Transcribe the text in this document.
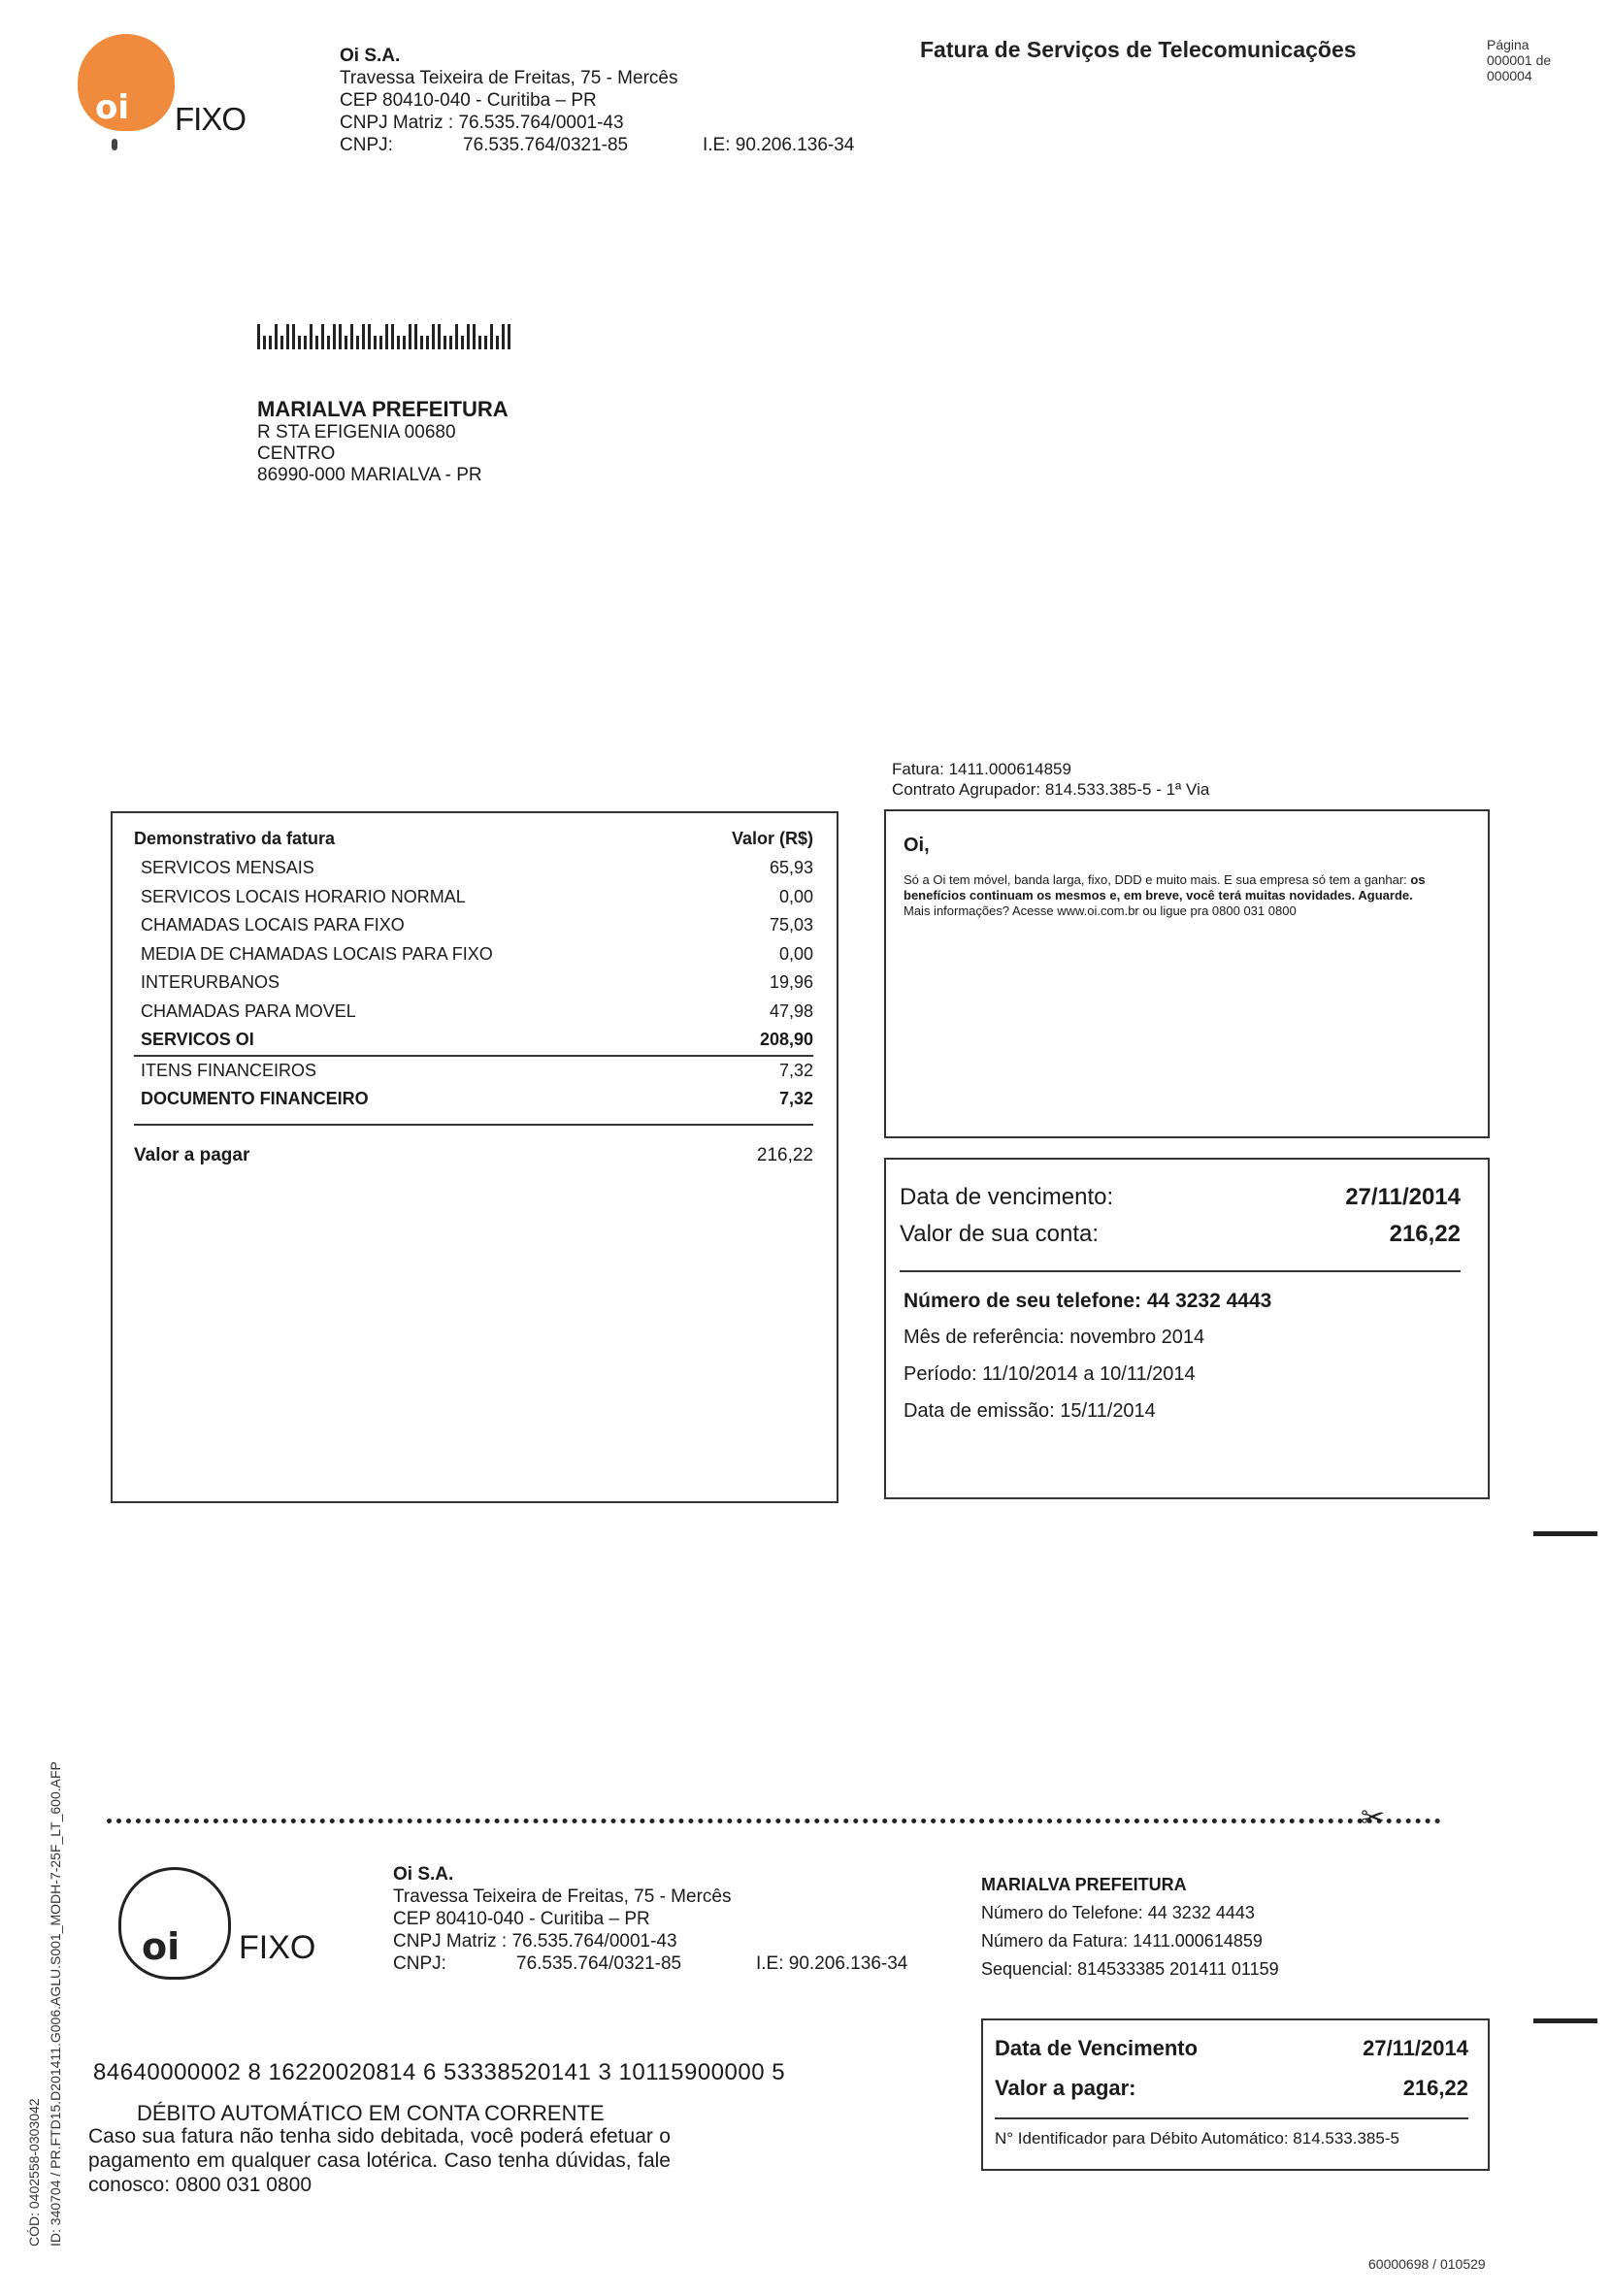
oi FIXO
Oi S.A.
Travessa Teixeira de Freitas, 75 - Mercês
CEP 80410-040 - Curitiba – PR
CNPJ Matriz : 76.535.764/0001-43
CNPJ:	76.535.764/0321-85	I.E: 90.206.136-34
Fatura de Serviços de Telecomunicações	Página
000001 de
000004
MARIALVA PREFEITURA
R STA EFIGENIA 00680
CENTRO
86990-000 MARIALVA - PR
Fatura: 1411.000614859
Contrato Agrupador: 814.533.385-5 - 1ª Via
Demonstrativo da fatura	Valor (R$)
SERVICOS MENSAIS	65,93
SERVICOS LOCAIS HORARIO NORMAL	0,00
CHAMADAS LOCAIS PARA FIXO	75,03
MEDIA DE CHAMADAS LOCAIS PARA FIXO	0,00
INTERURBANOS	19,96
CHAMADAS PARA MOVEL	47,98
SERVICOS OI	208,90
ITENS FINANCEIROS	7,32
DOCUMENTO FINANCEIRO	7,32
Valor a pagar	216,22
Oi,
Só a Oi tem móvel, banda larga, fixo, DDD e muito mais. E sua empresa só tem a ganhar: os benefícios continuam os mesmos e, em breve, você terá muitas novidades. Aguarde.
Mais informações? Acesse www.oi.com.br ou ligue pra 0800 031 0800
Data de vencimento:	27/11/2014
Valor de sua conta:	216,22
Número de seu telefone: 44 3232 4443
Mês de referência: novembro 2014
Período: 11/10/2014 a 10/11/2014
Data de emissão: 15/11/2014
CÓD: 0402558-0303042 ID: 340704 / PR.FTD15.D201411.G006.AGLU.S001_MODH-7-25F_LT_600.AFP	✂
oi FIXO
Oi S.A.
Travessa Teixeira de Freitas, 75 - Mercês
CEP 80410-040 - Curitiba – PR
CNPJ Matriz : 76.535.764/0001-43
CNPJ:	76.535.764/0321-85	I.E: 90.206.136-34
MARIALVA PREFEITURA
Número do Telefone: 44 3232 4443
Número da Fatura: 1411.000614859
Sequencial: 814533385 201411 01159
Data de Vencimento	27/11/2014
Valor a pagar:	216,22
N° Identificador para Débito Automático: 814.533.385-5
84640000002 8 16220020814 6 53338520141 3 10115900000 5
DÉBITO AUTOMÁTICO EM CONTA CORRENTE
Caso sua fatura não tenha sido debitada, você poderá efetuar o pagamento em qualquer casa lotérica. Caso tenha dúvidas, fale conosco: 0800 031 0800
60000698 / 010529
